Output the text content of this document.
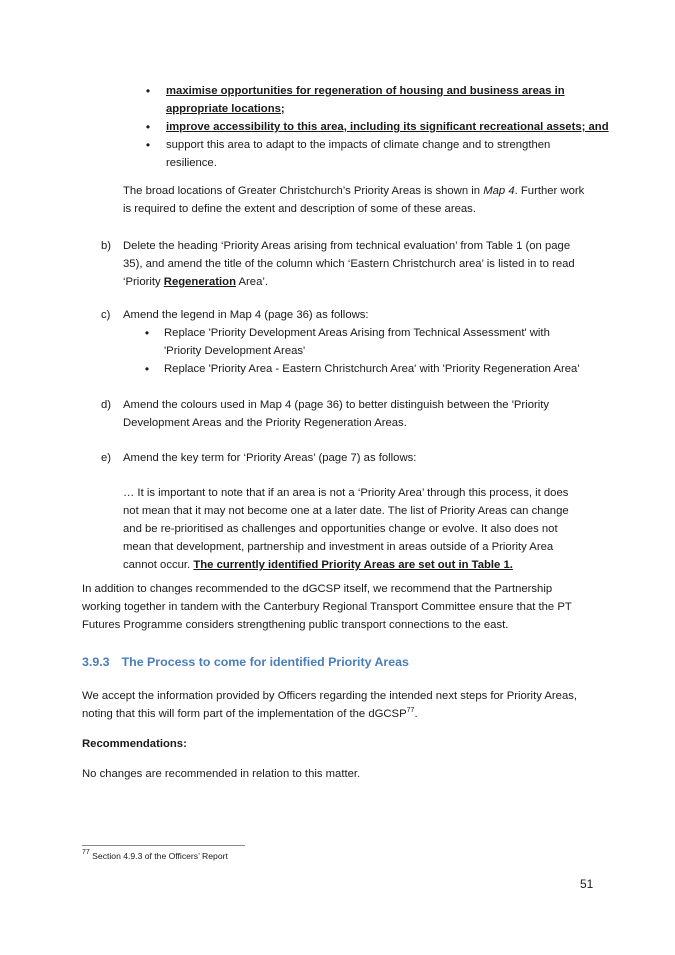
•	maximise opportunities for regeneration of housing and business areas in
appropriate locations;
•	improve accessibility to this area, including its significant recreational assets; and
•	support this area to adapt to the impacts of climate change and to strengthen
resilience.
The broad locations of Greater Christchurch’s Priority Areas is shown in Map 4. Further work
is required to define the extent and description of some of these areas.
b)	Delete the heading ‘Priority Areas arising from technical evaluation’ from Table 1 (on page
35), and amend the title of the column which ‘Eastern Christchurch area’ is listed in to read
‘Priority Regeneration Area’.
c)	Amend the legend in Map 4 (page 36) as follows:
•	Replace 'Priority Development Areas Arising from Technical Assessment' with
'Priority Development Areas'
•	Replace 'Priority Area - Eastern Christchurch Area' with 'Priority Regeneration Area'
d)	Amend the colours used in Map 4 (page 36) to better distinguish between the 'Priority
Development Areas and the Priority Regeneration Areas.
e)	Amend the key term for ‘Priority Areas’ (page 7) as follows:
… It is important to note that if an area is not a ‘Priority Area’ through this process, it does
not mean that it may not become one at a later date. The list of Priority Areas can change
and be re-prioritised as challenges and opportunities change or evolve. It also does not
mean that development, partnership and investment in areas outside of a Priority Area
cannot occur. The currently identified Priority Areas are set out in Table 1.
In addition to changes recommended to the dGCSP itself, we recommend that the Partnership
working together in tandem with the Canterbury Regional Transport Committee ensure that the PT
Futures Programme considers strengthening public transport connections to the east.
3.9.3 The Process to come for identified Priority Areas
We accept the information provided by Officers regarding the intended next steps for Priority Areas,
noting that this will form part of the implementation of the dGCSP$^{77}$.
Recommendations:
No changes are recommended in relation to this matter.
$^{77}$ Section 4.9.3 of the Officers’ Report
51
